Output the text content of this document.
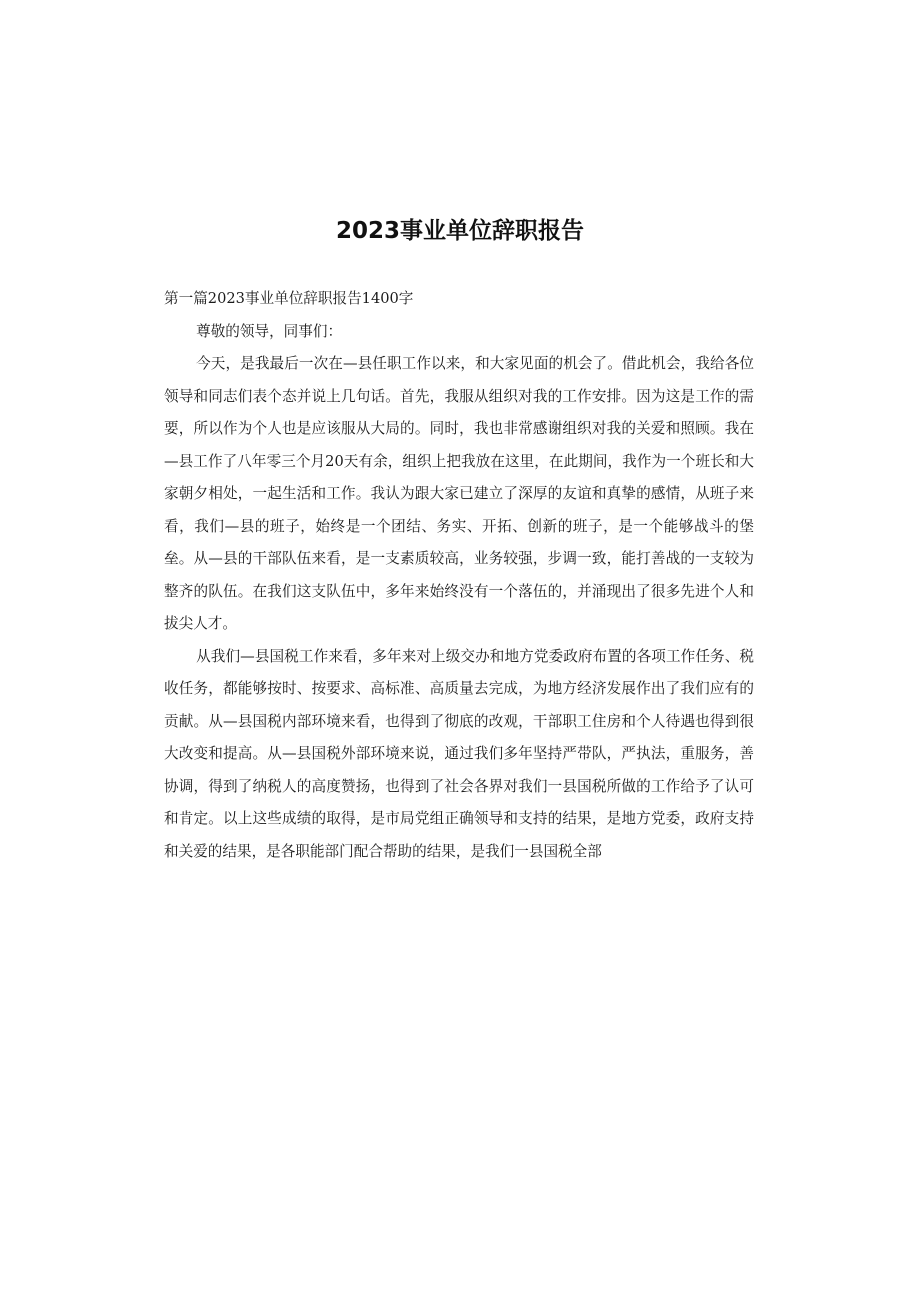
2023事业单位辞职报告

第一篇2023事业单位辞职报告1400字

尊敬的领导，同事们：

今天，是我最后一次在—县任职工作以来，和大家见面的机会了。借此机会，我给各位领导和同志们表个态并说上几句话。首先，我服从组织对我的工作安排。因为这是工作的需要，所以作为个人也是应该服从大局的。同时，我也非常感谢组织对我的关爱和照顾。我在—县工作了八年零三个月20天有余，组织上把我放在这里，在此期间，我作为一个班长和大家朝夕相处，一起生活和工作。我认为跟大家已建立了深厚的友谊和真挚的感情，从班子来看，我们—县的班子，始终是一个团结、务实、开拓、创新的班子，是一个能够战斗的堡垒。从—县的干部队伍来看，是一支素质较高，业务较强，步调一致，能打善战的一支较为整齐的队伍。在我们这支队伍中，多年来始终没有一个落伍的，并涌现出了很多先进个人和拔尖人才。

从我们—县国税工作来看，多年来对上级交办和地方党委政府布置的各项工作任务、税收任务，都能够按时、按要求、高标准、高质量去完成，为地方经济发展作出了我们应有的贡献。从—县国税内部环境来看，也得到了彻底的改观，干部职工住房和个人待遇也得到很大改变和提高。从—县国税外部环境来说，通过我们多年坚持严带队，严执法，重服务，善协调，得到了纳税人的高度赞扬，也得到了社会各界对我们一县国税所做的工作给予了认可和肯定。以上这些成绩的取得，是市局党组正确领导和支持的结果，是地方党委，政府支持和关爱的结果，是各职能部门配合帮助的结果，是我们一县国税全部
